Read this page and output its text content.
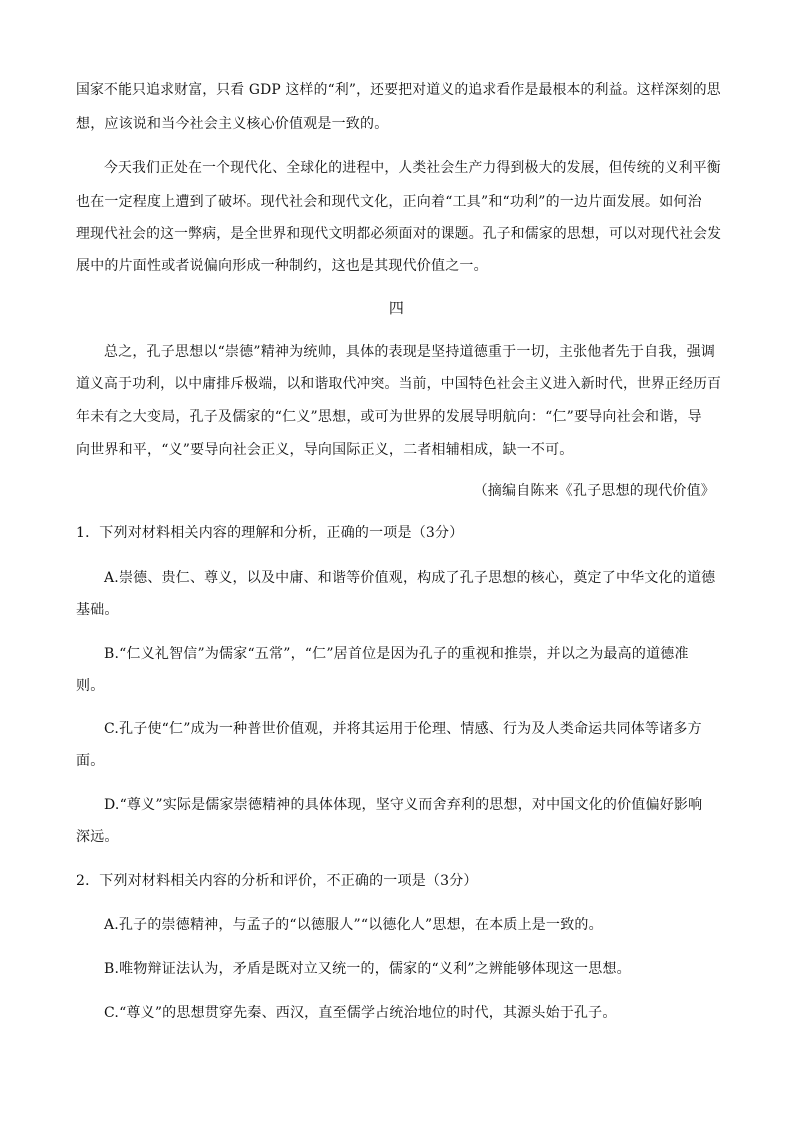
国家不能只追求财富，只看 GDP 这样的“利”，还要把对道义的追求看作是最根本的利益。这样深刻的思
想，应该说和当今社会主义核心价值观是一致的。
今天我们正处在一个现代化、全球化的进程中，人类社会生产力得到极大的发展，但传统的义利平衡
也在一定程度上遭到了破坏。现代社会和现代文化，正向着“工具”和“功利”的一边片面发展。如何治
理现代社会的这一弊病，是全世界和现代文明都必须面对的课题。孔子和儒家的思想，可以对现代社会发
展中的片面性或者说偏向形成一种制约，这也是其现代价值之一。
四
总之，孔子思想以“崇德”精神为统帅，具体的表现是坚持道德重于一切，主张他者先于自我，强调
道义高于功利，以中庸排斥极端，以和谐取代冲突。当前，中国特色社会主义进入新时代，世界正经历百
年未有之大变局，孔子及儒家的“仁义”思想，或可为世界的发展导明航向：“仁”要导向社会和谐，导
向世界和平，“义”要导向社会正义，导向国际正义，二者相辅相成，缺一不可。
（摘编自陈来《孔子思想的现代价值》
1．下列对材料相关内容的理解和分析，正确的一项是（3分）
A.崇德、贵仁、尊义，以及中庸、和谐等价值观，构成了孔子思想的核心，奠定了中华文化的道德
基础。
B.“仁义礼智信”为儒家“五常”，“仁”居首位是因为孔子的重视和推崇，并以之为最高的道德准
则。
C.孔子使“仁”成为一种普世价值观，并将其运用于伦理、情感、行为及人类命运共同体等诸多方
面。
D.“尊义”实际是儒家崇德精神的具体体现，坚守义而舍弃利的思想，对中国文化的价值偏好影响
深远。
2．下列对材料相关内容的分析和评价，不正确的一项是（3分）
A.孔子的崇德精神，与孟子的“以德服人”“以德化人”思想，在本质上是一致的。
B.唯物辩证法认为，矛盾是既对立又统一的，儒家的“义利”之辨能够体现这一思想。
C.“尊义”的思想贯穿先秦、西汉，直至儒学占统治地位的时代，其源头始于孔子。
